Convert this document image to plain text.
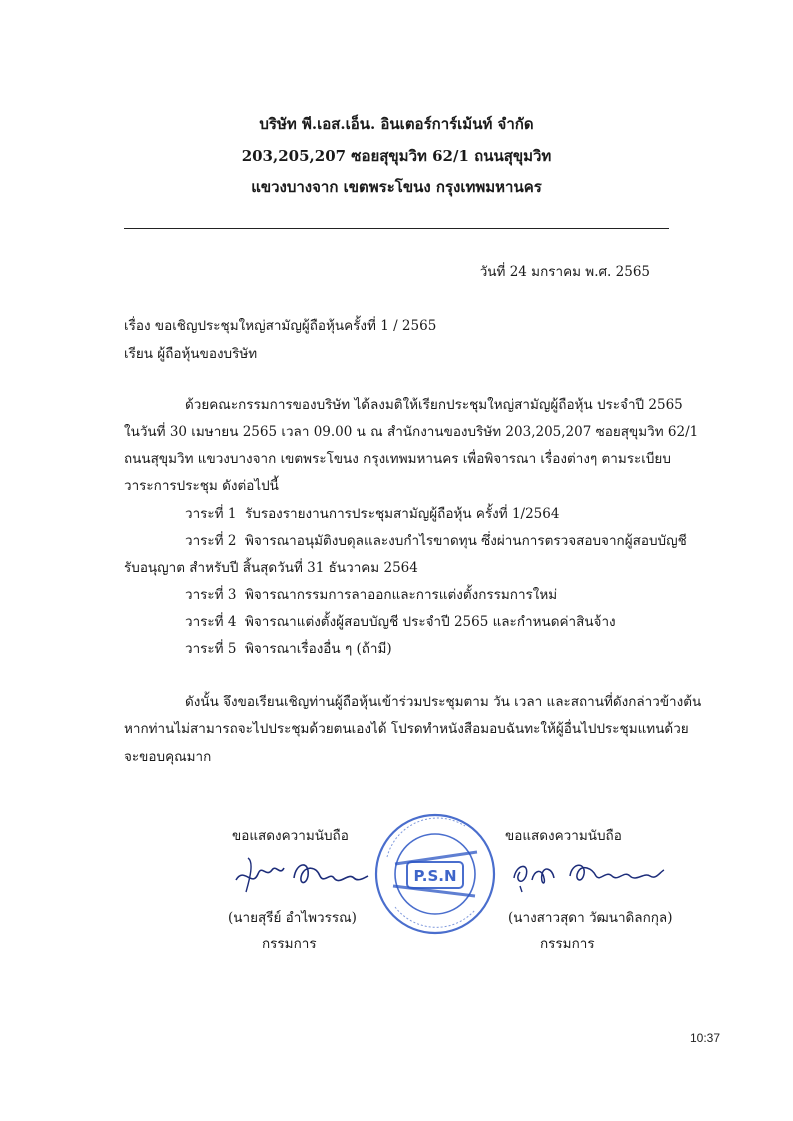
บริษัท พี.เอส.เอ็น. อินเตอร์การ์เม้นท์ จำกัด
203,205,207 ซอยสุขุมวิท 62/1 ถนนสุขุมวิท
แขวงบางจาก เขตพระโขนง กรุงเทพมหานคร
วันที่ 24 มกราคม พ.ศ. 2565
เรื่อง ขอเชิญประชุมใหญ่สามัญผู้ถือหุ้นครั้งที่ 1 / 2565
เรียน ผู้ถือหุ้นของบริษัท
ด้วยคณะกรรมการของบริษัท ได้ลงมติให้เรียกประชุมใหญ่สามัญผู้ถือหุ้น ประจำปี 2565
ในวันที่ 30 เมษายน 2565 เวลา 09.00 น ณ สำนักงานของบริษัท 203,205,207 ซอยสุขุมวิท 62/1
ถนนสุขุมวิท แขวงบางจาก เขตพระโขนง กรุงเทพมหานคร เพื่อพิจารณา เรื่องต่างๆ ตามระเบียบ
วาระการประชุม ดังต่อไปนี้
วาระที่ 1 รับรองรายงานการประชุมสามัญผู้ถือหุ้น ครั้งที่ 1/2564
วาระที่ 2 พิจารณาอนุมัติงบดุลและงบกำไรขาดทุน ซึ่งผ่านการตรวจสอบจากผู้สอบบัญชี
รับอนุญาต สำหรับปี สิ้นสุดวันที่ 31 ธันวาคม 2564
วาระที่ 3 พิจารณากรรมการลาออกและการแต่งตั้งกรรมการใหม่
วาระที่ 4 พิจารณาแต่งตั้งผู้สอบบัญชี ประจำปี 2565 และกำหนดค่าสินจ้าง
วาระที่ 5 พิจารณาเรื่องอื่น ๆ (ถ้ามี)
ดังนั้น จึงขอเรียนเชิญท่านผู้ถือหุ้นเข้าร่วมประชุมตาม วัน เวลา และสถานที่ดังกล่าวข้างต้น
หากท่านไม่สามารถจะไปประชุมด้วยตนเองได้ โปรดทำหนังสือมอบฉันทะให้ผู้อื่นไปประชุมแทนด้วย
จะขอบคุณมาก
ขอแสดงความนับถือ
(นายสุรีย์ อำไพวรรณ)
กรรมการ
P.S.N
ขอแสดงความนับถือ
(นางสาวสุดา วัฒนาดิลกกุล)
กรรมการ
10:37
